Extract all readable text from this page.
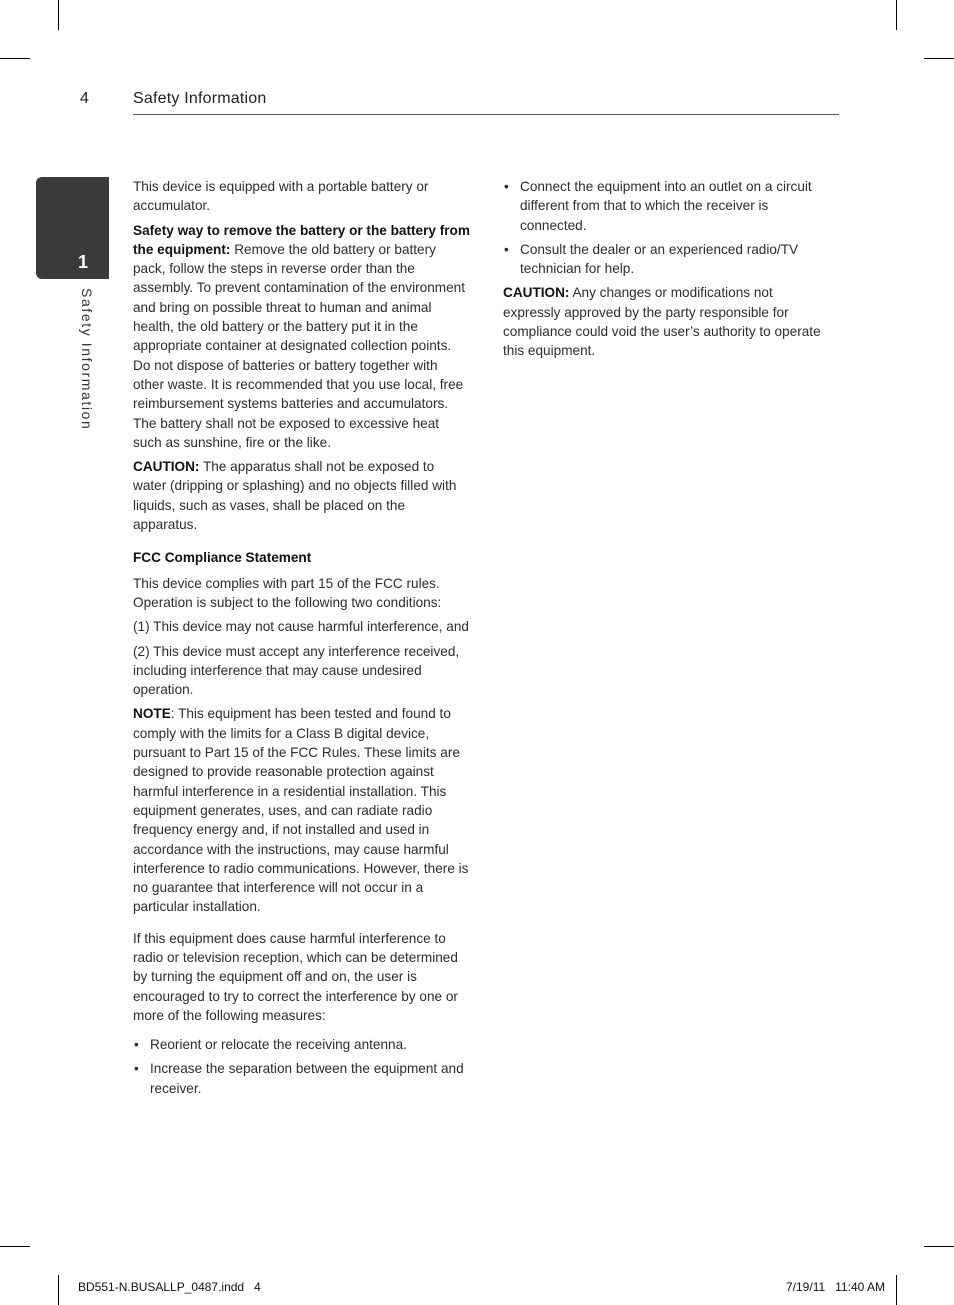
4	Safety Information
1
Safety Information

This device is equipped with a portable battery or accumulator.

Safety way to remove the battery or the battery from the equipment: Remove the old battery or battery pack, follow the steps in reverse order than the assembly. To prevent contamination of the environment and bring on possible threat to human and animal health, the old battery or the battery put it in the appropriate container at designated collection points. Do not dispose of batteries or battery together with other waste. It is recommended that you use local, free reimbursement systems batteries and accumulators. The battery shall not be exposed to excessive heat such as sunshine, fire or the like.

CAUTION: The apparatus shall not be exposed to water (dripping or splashing) and no objects filled with liquids, such as vases, shall be placed on the apparatus.

FCC Compliance Statement

This device complies with part 15 of the FCC rules. Operation is subject to the following two conditions:

(1) This device may not cause harmful interference, and

(2) This device must accept any interference received, including interference that may cause undesired operation.

NOTE: This equipment has been tested and found to comply with the limits for a Class B digital device, pursuant to Part 15 of the FCC Rules. These limits are designed to provide reasonable protection against harmful interference in a residential installation. This equipment generates, uses, and can radiate radio frequency energy and, if not installed and used in accordance with the instructions, may cause harmful interference to radio communications. However, there is no guarantee that interference will not occur in a particular installation.

If this equipment does cause harmful interference to radio or television reception, which can be determined by turning the equipment off and on, the user is encouraged to try to correct the interference by one or more of the following measures:

• Reorient or relocate the receiving antenna.
• Increase the separation between the equipment and receiver.
• Connect the equipment into an outlet on a circuit different from that to which the receiver is connected.
• Consult the dealer or an experienced radio/TV technician for help.

CAUTION: Any changes or modifications not expressly approved by the party responsible for compliance could void the user’s authority to operate this equipment.

BD551-N.BUSALLP_0487.indd   4	7/19/11   11:40 AM
